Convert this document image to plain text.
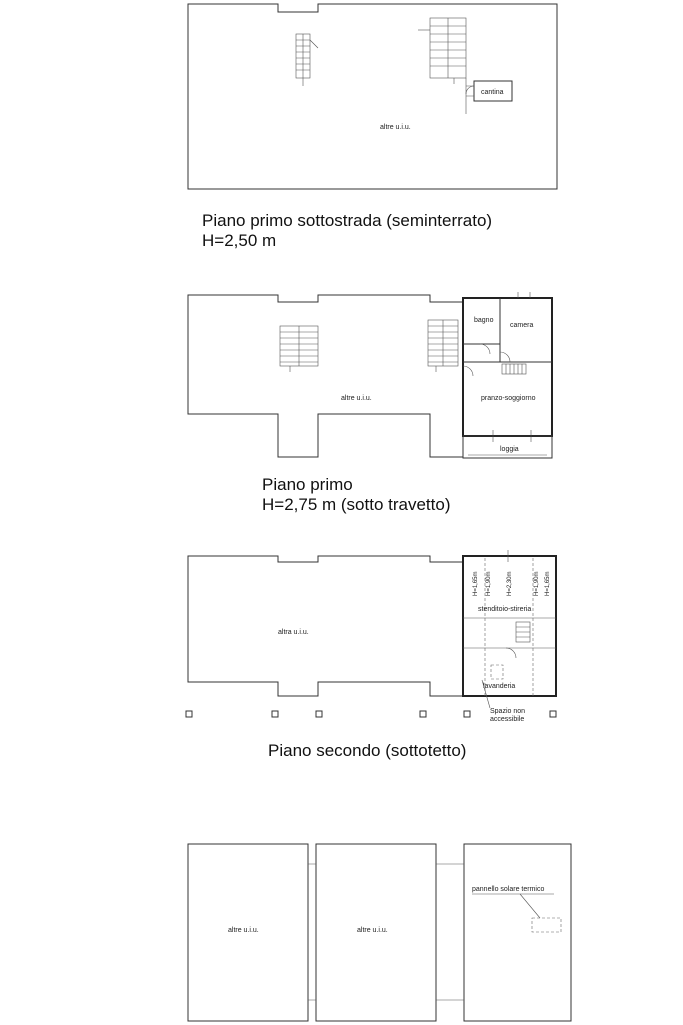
cantina
altre u.i.u.
Piano primo sottostrada (seminterrato)
H=2,50 m
altre u.i.u.
bagno
camera
pranzo-soggiorno
loggia
Piano primo
H=2,75 m (sotto travetto)
altra u.i.u.
stenditoio-stireria
lavanderia
H=1,65m H=1,90m	H=2,30m	H=1,90m H=1,65m
Spazio non
accessibile
Piano secondo (sottotetto)
altre u.i.u.	altre u.i.u.
pannello solare termico
